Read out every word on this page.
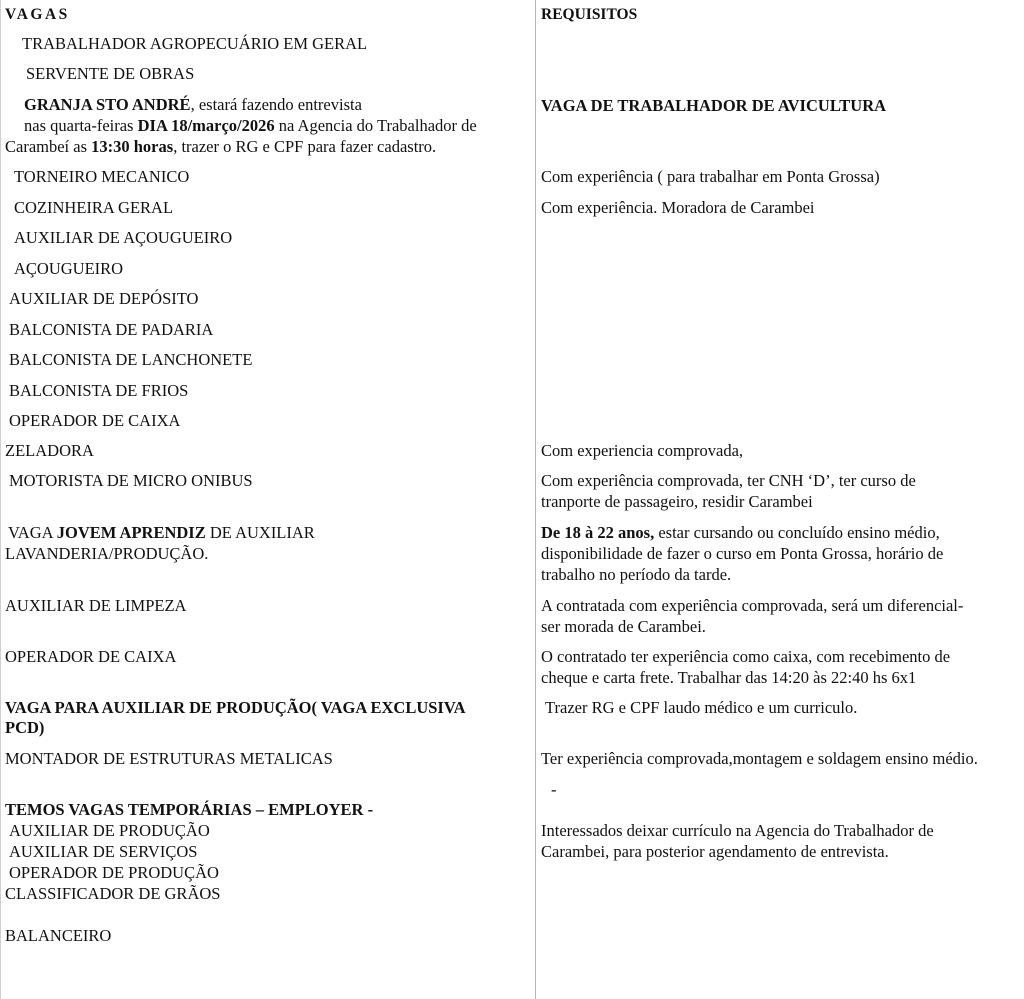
VAGAS	REQUISITOS
TRABALHADOR AGROPECUÁRIO EM GERAL
SERVENTE DE OBRAS
GRANJA STO ANDRÉ, estará fazendo entrevista
nas quarta-feiras DIA 18/março/2026 na Agencia do Trabalhador de
Carambeí as 13:30 horas, trazer o RG e CPF para fazer cadastro.
TORNEIRO MECANICO
COZINHEIRA GERAL
AUXILIAR DE AÇOUGUEIRO
AÇOUGUEIRO
AUXILIAR DE DEPÓSITO
BALCONISTA DE PADARIA
BALCONISTA DE LANCHONETE
BALCONISTA DE FRIOS
OPERADOR DE CAIXA
ZELADORA
MOTORISTA DE MICRO ONIBUS
VAGA JOVEM APRENDIZ DE AUXILIAR
LAVANDERIA/PRODUÇÃO.
AUXILIAR DE LIMPEZA
OPERADOR DE CAIXA
VAGA PARA AUXILIAR DE PRODUÇÃO( VAGA EXCLUSIVA
PCD)
MONTADOR DE ESTRUTURAS METALICAS
TEMOS VAGAS TEMPORÁRIAS – EMPLOYER -
AUXILIAR DE PRODUÇÃO
AUXILIAR DE SERVIÇOS
OPERADOR DE PRODUÇÃO
CLASSIFICADOR DE GRÃOS
BALANCEIRO
VAGA DE TRABALHADOR DE AVICULTURA
Com experiência ( para trabalhar em Ponta Grossa)
Com experiência. Moradora de Carambei
Com experiencia comprovada,
Com experiência comprovada, ter CNH ‘D’, ter curso de
tranporte de passageiro, residir Carambei
De 18 à 22 anos, estar cursando ou concluído ensino médio,
disponibilidade de fazer o curso em Ponta Grossa, horário de
trabalho no período da tarde.
A contratada com experiência comprovada, será um diferencial-
ser morada de Carambei.
O contratado ter experiência como caixa, com recebimento de
cheque e carta frete. Trabalhar das 14:20 às 22:40 hs 6x1
Trazer RG e CPF laudo médico e um curriculo.
Ter experiência comprovada,montagem e soldagem ensino médio.
-
Interessados deixar currículo na Agencia do Trabalhador de
Carambei, para posterior agendamento de entrevista.
